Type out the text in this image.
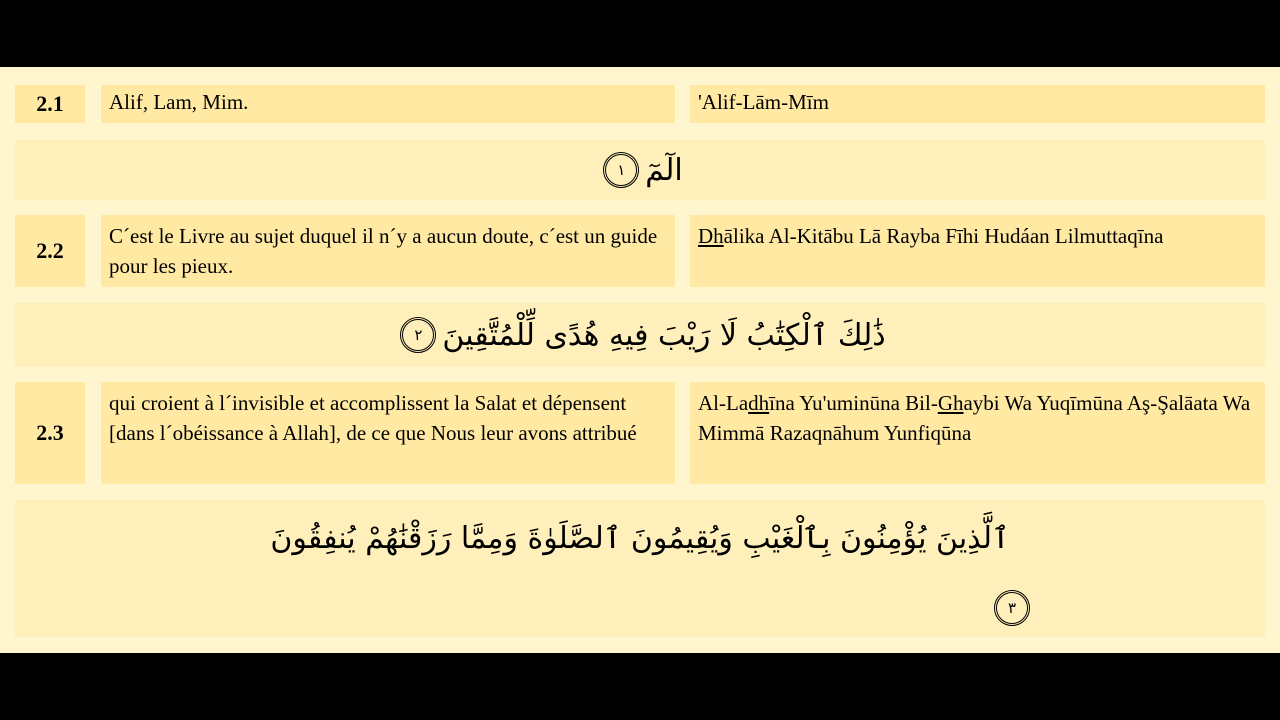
2.1	Alif, Lam, Mim.	'Alif-Lām-Mīm
الٓمٓ
١
2.2
C´est le Livre au sujet duquel il n´y a aucun doute, c´est un guide pour les pieux.
Dhālika Al-Kitābu Lā Rayba Fīhi Hudáan Lilmuttaqīna
ذَٰلِكَ ٱلْكِتَٰبُ لَا رَيْبَ فِيهِ هُدًى لِّلْمُتَّقِينَ
٢
2.3
qui croient à l´invisible et accomplissent la Salat et dépensent [dans l´obéissance à Allah], de ce que Nous leur avons attribué
Al-Ladhīna Yu'uminūna Bil-Ghaybi Wa Yuqīmūna Aş-Şalāata Wa Mimmā Razaqnāhum Yunfiqūna
ٱلَّذِينَ يُؤْمِنُونَ بِٱلْغَيْبِ وَيُقِيمُونَ ٱلصَّلَوٰةَ وَمِمَّا رَزَقْنَٰهُمْ يُنفِقُونَ
٣
